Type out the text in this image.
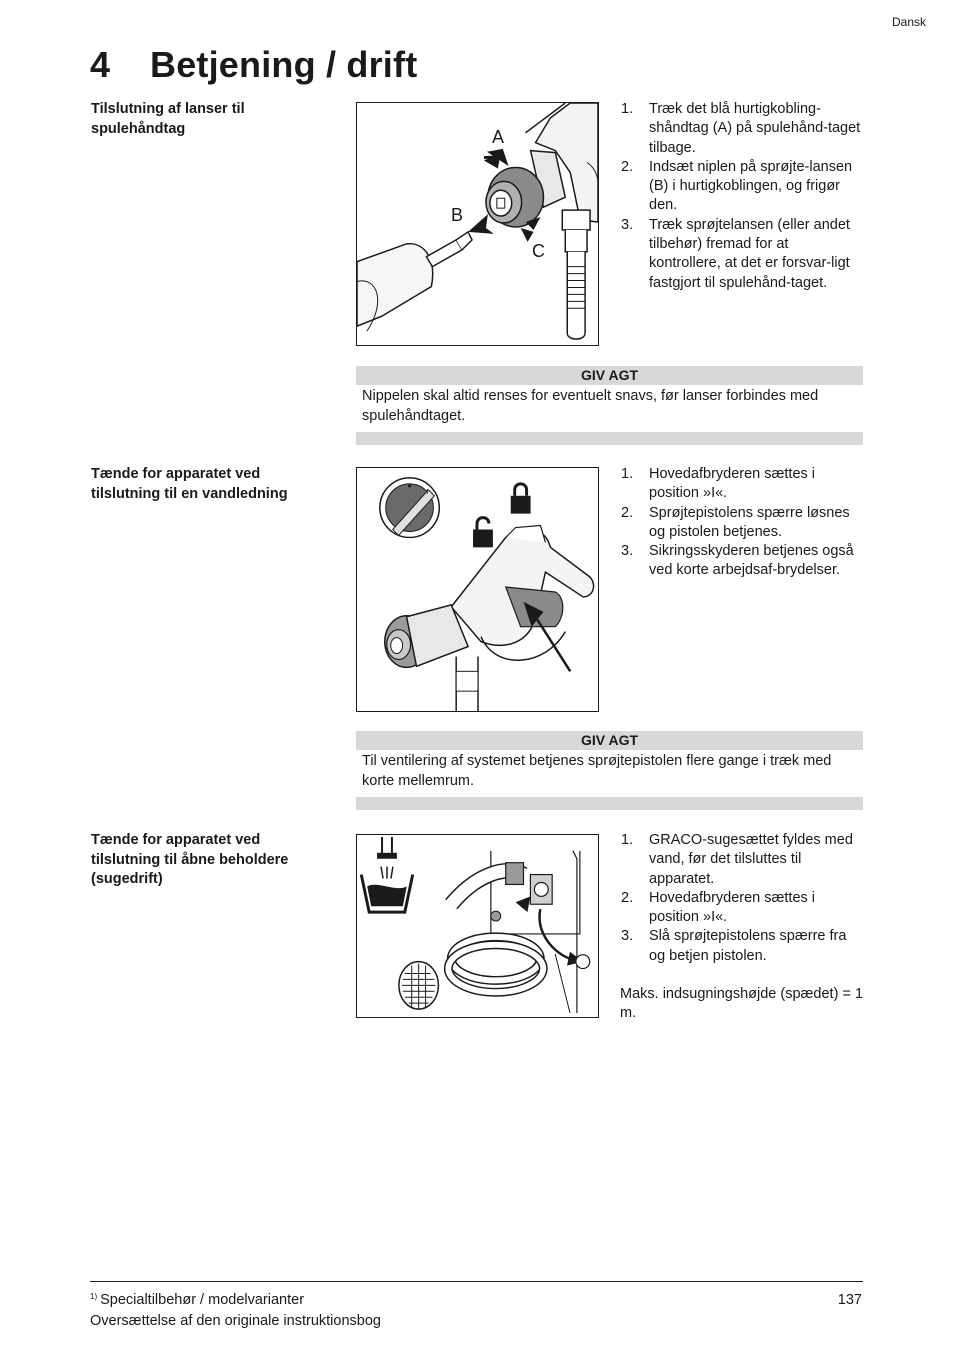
Dansk
4 Betjening / drift
Tilslutning af lanser til spulehåndtag	A
B
C
1.	Træk det blå hurtigkobling-shåndtag (A) på spulehånd-taget tilbage.
2.	Indsæt niplen på sprøjte-lansen (B) i hurtigkoblingen, og frigør den.
3.	Træk sprøjtelansen (eller andet tilbehør) fremad for at kontrollere, at det er forsvar-ligt fastgjort til spulehånd-taget.
GIV AGT
Nippelen skal altid renses for eventuelt snavs, før lanser forbindes med spulehåndtaget.
Tænde for apparatet ved tilslutning til en vandledning	I
1.	Hovedafbryderen sættes i position »I«.
2.	Sprøjtepistolens spærre løsnes og pistolen betjenes.
3.	Sikringsskyderen betjenes også ved korte arbejdsaf-brydelser.
GIV AGT
Til ventilering af systemet betjenes sprøjtepistolen flere gange i træk med korte mellemrum.
Tænde for apparatet ved tilslutning til åbne beholdere (sugedrift)
1.	GRACO-sugesættet fyldes med vand, før det tilsluttes til apparatet.
2.	Hovedafbryderen sættes i position »I«.
3.	Slå sprøjtepistolens spærre fra og betjen pistolen.
Maks. indsugningshøjde (spædet) = 1 m.
$^{1)}$ Specialtilbehør / modelvarianter
Oversættelse af den originale instruktionsbog
137
